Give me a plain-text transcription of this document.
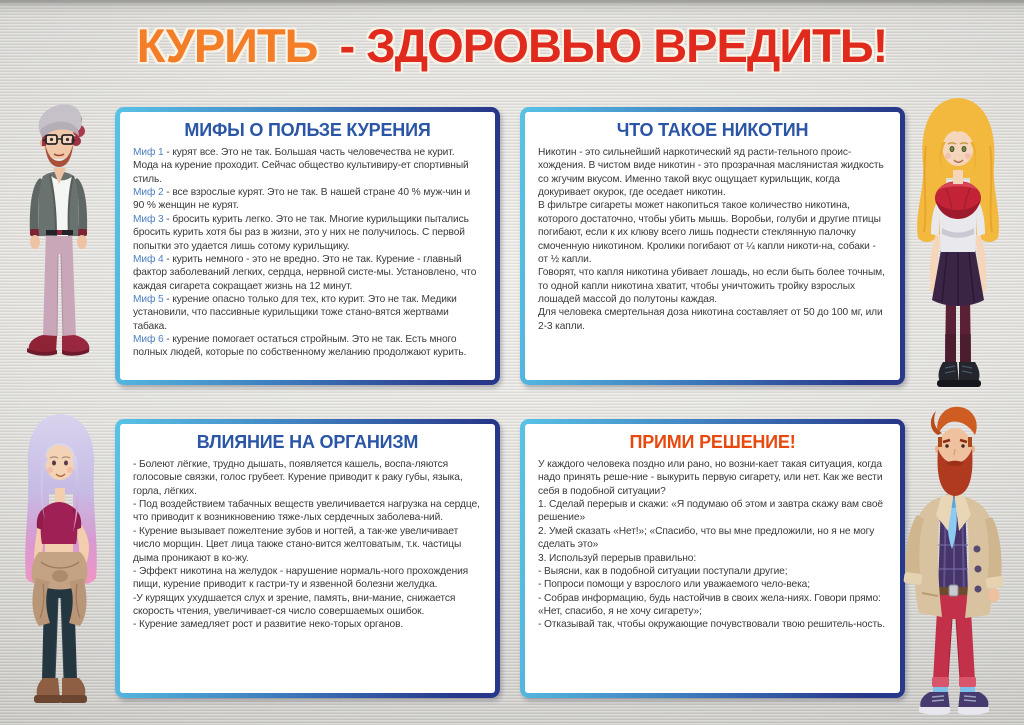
КУРИТЬ - ЗДОРОВЬЮ ВРЕДИТЬ!
МИФЫ О ПОЛЬЗЕ КУРЕНИЯ

Миф 1 - курят все. Это не так. Большая часть человечества не курит. Мода на курение проходит. Сейчас общество культивиру-ет спортивный стиль.

Миф 2 - все взрослые курят. Это не так. В нашей стране 40 % муж-чин и 90 % женщин не курят.

Миф 3 - бросить курить легко. Это не так. Многие курильщики пытались бросить курить хотя бы раз в жизни, это у них не получилось. С первой попытки это удается лишь сотому курильщику.

Миф 4 - курить немного - это не вредно. Это не так. Курение - главный фактор заболеваний легких, сердца, нервной систе-мы. Установлено, что каждая сигарета сокращает жизнь на 12 минут.

Миф 5 - курение опасно только для тех, кто курит. Это не так. Медики установили, что пассивные курильщики тоже стано-вятся жертвами табака.

Миф 6 - курение помогает остаться стройным. Это не так. Есть много полных людей, которые по собственному желанию продолжают курить.

ЧТО ТАКОЕ НИКОТИН

Никотин - это сильнейший наркотический яд расти-тельного проис-хождения. В чистом виде никотин - это прозрачная маслянистая жидкость со жгучим вкусом. Именно такой вкус ощущает курильщик, когда докуривает окурок, где оседает никотин.

В фильтре сигареты может накопиться такое количество никотина, которого достаточно, чтобы убить мышь. Воробьи, голуби и другие птицы погибают, если к их клюву всего лишь поднести стеклянную палочку смоченную никотином. Кролики погибают от ¼ капли никоти-на, собаки - от ½ капли.

Говорят, что капля никотина убивает лошадь, но если быть более точным, то одной капли никотина хватит, чтобы уничтожить тройку взрослых лошадей массой до полутоны каждая.

Для человека смертельная доза никотина составляет от 50 до 100 мг, или 2-3 капли.

ВЛИЯНИЕ НА ОРГАНИЗМ

- Болеют лёгкие, трудно дышать, появляется кашель, воспа-ляются голосовые связки, голос грубеет. Курение приводит к раку губы, языка, горла, лёгких.

- Под воздействием табачных веществ увеличивается нагрузка на сердце, что приводит к возникновению тяже-лых сердечных заболева-ний.

- Курение вызывает пожелтение зубов и ногтей, а так-же увеличивает число морщин. Цвет лица также стано-вится желтоватым, т.к. частицы дыма проникают в ко-жу.

- Эффект никотина на желудок - нарушение нормаль-ного прохождения пищи, курение приводит к гастри-ту и язвенной болезни желудка.

-У курящих ухудшается слух и зрение, память, вни-мание, снижается скорость чтения, увеличивает-ся число совершаемых ошибок.

- Курение замедляет рост и развитие неко-торых органов.

ПРИМИ РЕШЕНИЕ!

У каждого человека поздно или рано, но возни-кает такая ситуация, когда надо принять реше-ние - выкурить первую сигарету, или нет. Как же вести себя в подобной ситуации?

1. Сделай перерыв и скажи: «Я подумаю об этом и завтра скажу вам своё решение»

2. Умей сказать «Нет!»; «Спасибо, что вы мне предложили, но я не могу сделать это»

3. Используй перерыв правильно:

- Выясни, как в подобной ситуации поступали другие;

- Попроси помощи у взрослого или уважаемого чело-века;

- Собрав информацию, будь настойчив в своих жела-ниях. Говори прямо: «Нет, спасибо, я не хочу сигарету»;

- Отказывай так, чтобы окружающие почувствовали твою решитель-ность.
